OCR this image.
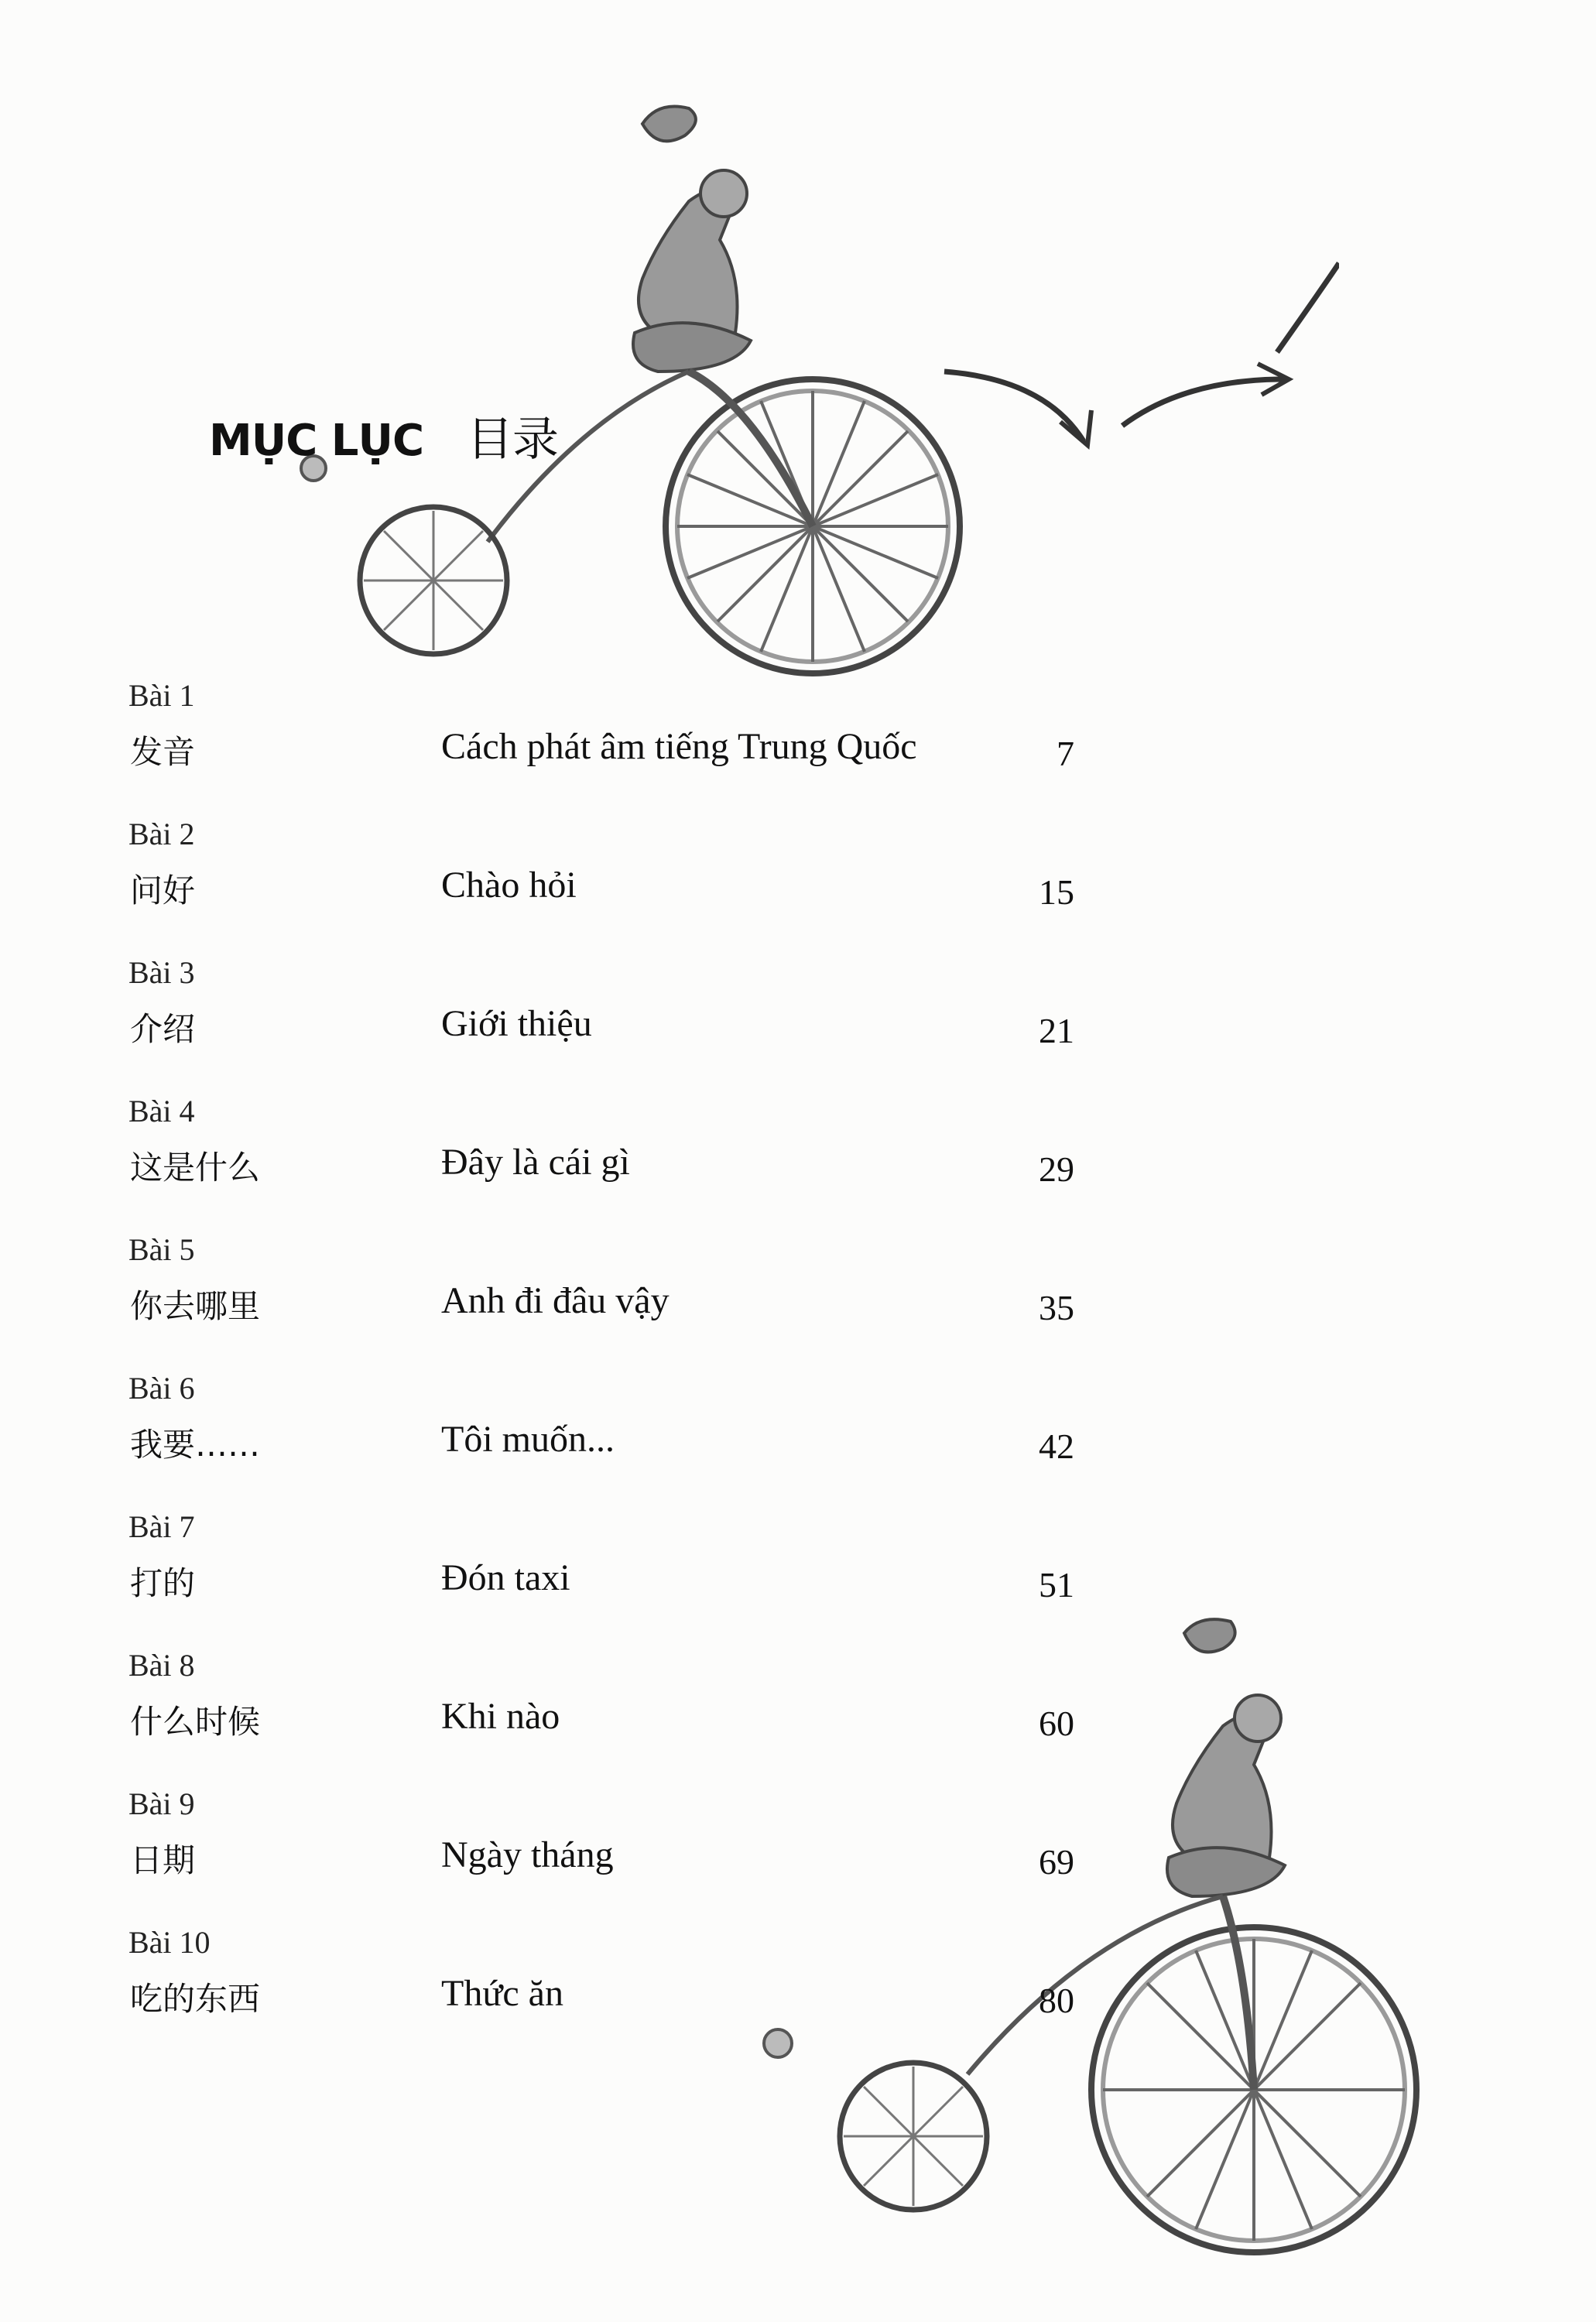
MỤC LỤC 目录
Bài 1
发音	Cách phát âm tiếng Trung Quốc	7
Bài 2
问好	Chào hỏi	15
Bài 3
介绍	Giới thiệu	21
Bài 4
这是什么	Đây là cái gì	29
Bài 5
你去哪里	Anh đi đâu vậy	35
Bài 6
我要……	Tôi muốn...	42
Bài 7
打的	Đón taxi	51
Bài 8
什么时候	Khi nào	60
Bài 9
日期	Ngày tháng	69
Bài 10
吃的东西	Thức ăn	80
